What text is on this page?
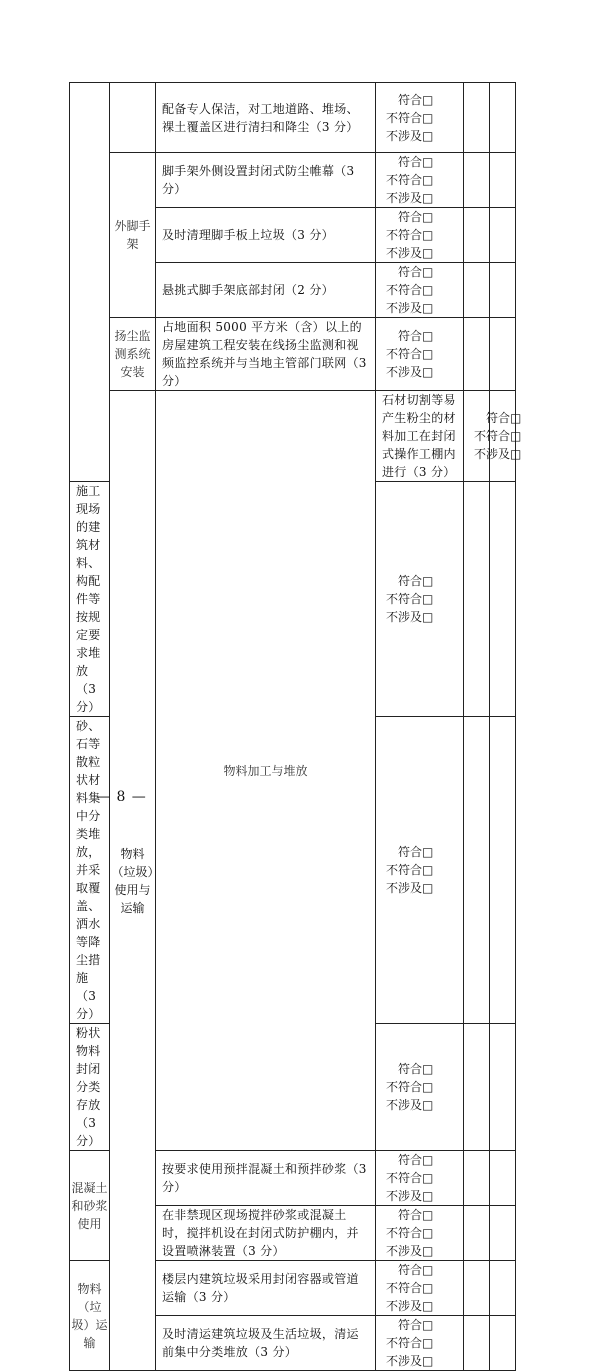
		配备专人保洁，对工地道路、堆场、裸土覆盖区进行清扫和降尘（3 分）	符合□
不符合□
不涉及□			

	外脚手架	脚手架外侧设置封闭式防尘帷幕（3 分）	符合□
不符合□
不涉及□			

		及时清理脚手板上垃圾（3 分）	符合□
不符合□
不涉及□			

		悬挑式脚手架底部封闭（2 分）	符合□
不符合□
不涉及□			

	扬尘监测系统安装	占地面积 5000 平方米（含）以上的房屋建筑工程安装在线扬尘监测和视频监控系统并与当地主管部门联网（3 分）	符合□
不符合□
不涉及□			

	物料（垃圾）使用与运输	物料加工与堆放	石材切割等易产生粉尘的材料加工在封闭式操作工棚内进行（3 分）	符合□
不符合□
不涉及□		

施工现场的建筑材料、构配件等按规定要求堆放（3 分）			符合□
不符合□
不涉及□			

砂、石等散粒状材料集中分类堆放，并采取覆盖、洒水等降尘措施（3 分）			符合□
不符合□
不涉及□			

粉状物料封闭分类存放（3 分）			符合□
不符合□
不涉及□			

混凝土和砂浆使用		按要求使用预拌混凝土和预拌砂浆（3 分）	符合□
不符合□
不涉及□			

		在非禁现区现场搅拌砂浆或混凝土时，搅拌机设在封闭式防护棚内，并设置喷淋装置（3 分）	符合□
不符合□
不涉及□			

物料（垃圾）运输		楼层内建筑垃圾采用封闭容器或管道运输（3 分）	符合□
不符合□
不涉及□			

		及时清运建筑垃圾及生活垃圾，清运前集中分类堆放（3 分）	符合□
不符合□
不涉及□			

— 8 —
